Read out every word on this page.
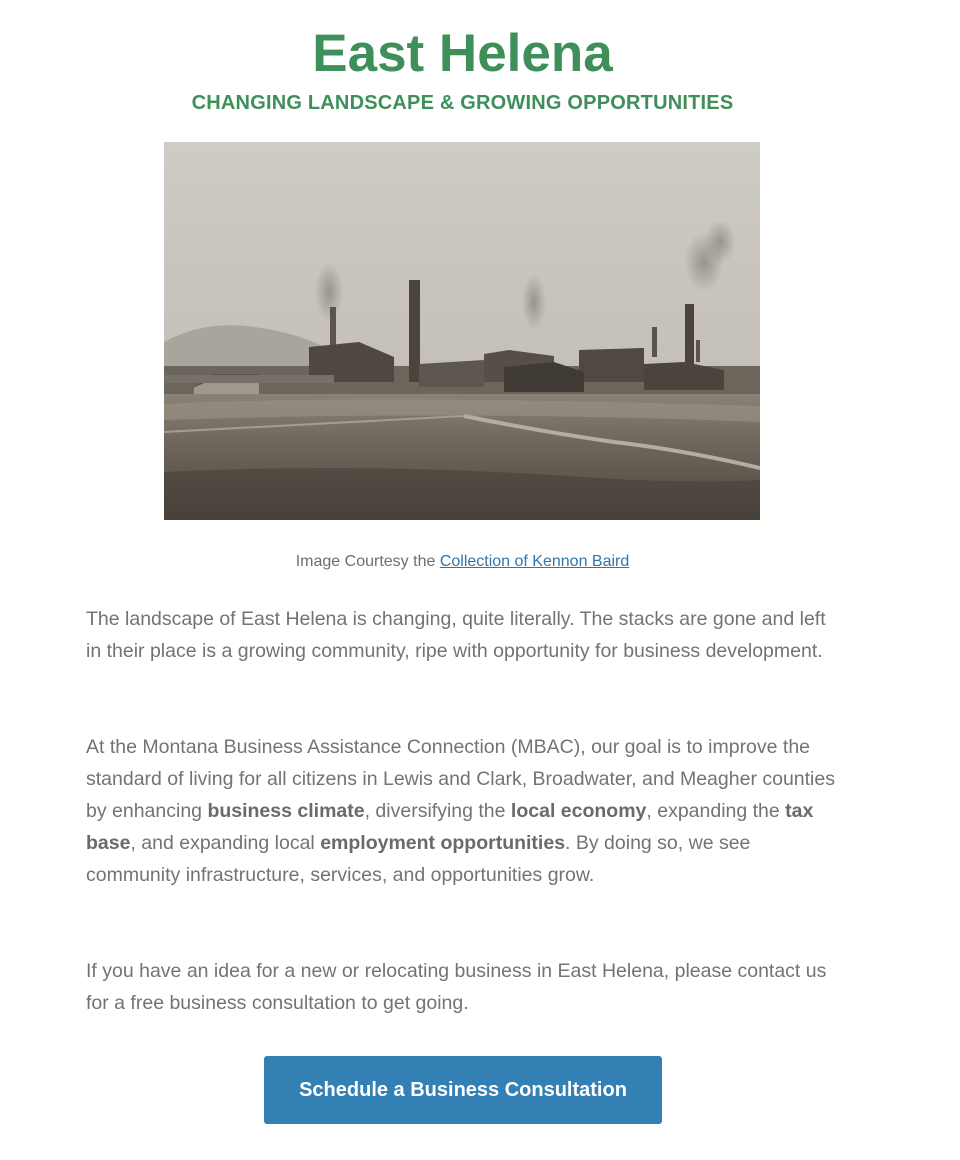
East Helena
CHANGING LANDSCAPE & GROWING OPPORTUNITIES
Image Courtesy the Collection of Kennon Baird

The landscape of East Helena is changing, quite literally. The stacks are gone and left in their place is a growing community, ripe with opportunity for business development.

At the Montana Business Assistance Connection (MBAC), our goal is to improve the standard of living for all citizens in Lewis and Clark, Broadwater, and Meagher counties by enhancing business climate, diversifying the local economy, expanding the tax base, and expanding local employment opportunities. By doing so, we see community infrastructure, services, and opportunities grow.

If you have an idea for a new or relocating business in East Helena, please contact us for a free business consultation to get going.

Schedule a Business Consultation
